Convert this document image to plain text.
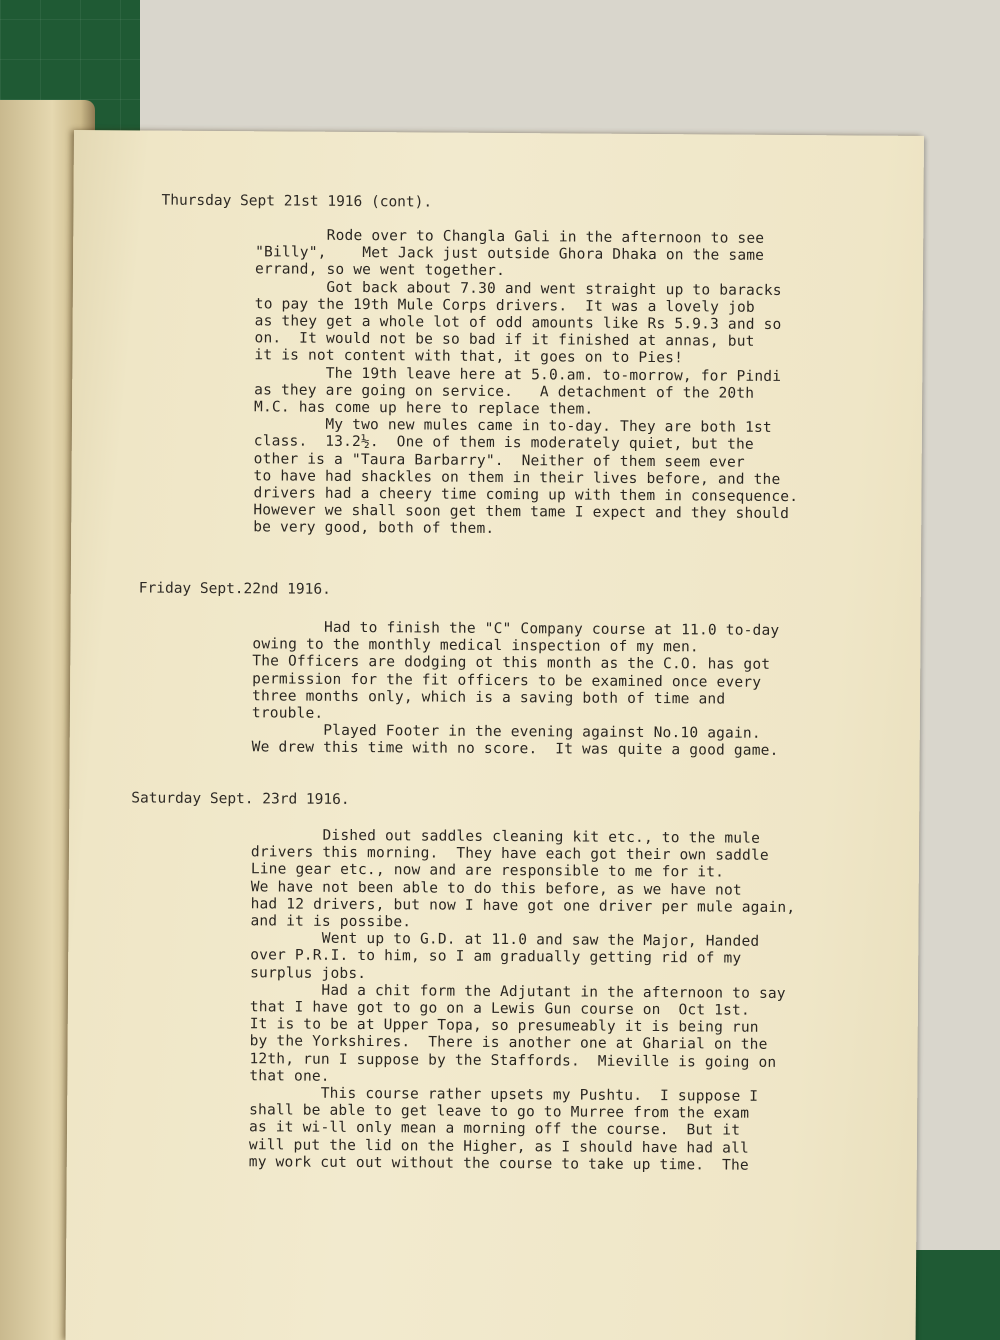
Thursday Sept 21st 1916 (cont).
Rode over to Changla Gali in the afternoon to see
"Billy",    Met Jack just outside Ghora Dhaka on the same
errand, so we went together.
Got back about 7.30 and went straight up to baracks
to pay the 19th Mule Corps drivers.  It was a lovely job
as they get a whole lot of odd amounts like Rs 5.9.3 and so
on.  It would not be so bad if it finished at annas, but
it is not content with that, it goes on to Pies!
The 19th leave here at 5.0.am. to-morrow, for Pindi
as they are going on service.   A detachment of the 20th
M.C. has come up here to replace them.
My two new mules came in to-day. They are both 1st
class.  13.2½.  One of them is moderately quiet, but the
other is a "Taura Barbarry".  Neither of them seem ever
to have had shackles on them in their lives before, and the
drivers had a cheery time coming up with them in consequence.
However we shall soon get them tame I expect and they should
be very good, both of them.
Friday Sept.22nd 1916.
Had to finish the "C" Company course at 11.0 to-day
owing to the monthly medical inspection of my men.
The Officers are dodging ot this month as the C.O. has got
permission for the fit officers to be examined once every
three months only, which is a saving both of time and
trouble.
Played Footer in the evening against No.10 again.
We drew this time with no score.  It was quite a good game.
Saturday Sept. 23rd 1916.
Dished out saddles cleaning kit etc., to the mule
drivers this morning.  They have each got their own saddle
Line gear etc., now and are responsible to me for it.
We have not been able to do this before, as we have not
had 12 drivers, but now I have got one driver per mule again,
and it is possibe.
Went up to G.D. at 11.0 and saw the Major, Handed
over P.R.I. to him, so I am gradually getting rid of my
surplus jobs.
Had a chit form the Adjutant in the afternoon to say
that I have got to go on a Lewis Gun course on  Oct 1st.
It is to be at Upper Topa, so presumeably it is being run
by the Yorkshires.  There is another one at Gharial on the
12th, run I suppose by the Staffords.  Mieville is going on
that one.
This course rather upsets my Pushtu.  I suppose I
shall be able to get leave to go to Murree from the exam
as it wi-ll only mean a morning off the course.  But it
will put the lid on the Higher, as I should have had all
my work cut out without the course to take up time.  The
